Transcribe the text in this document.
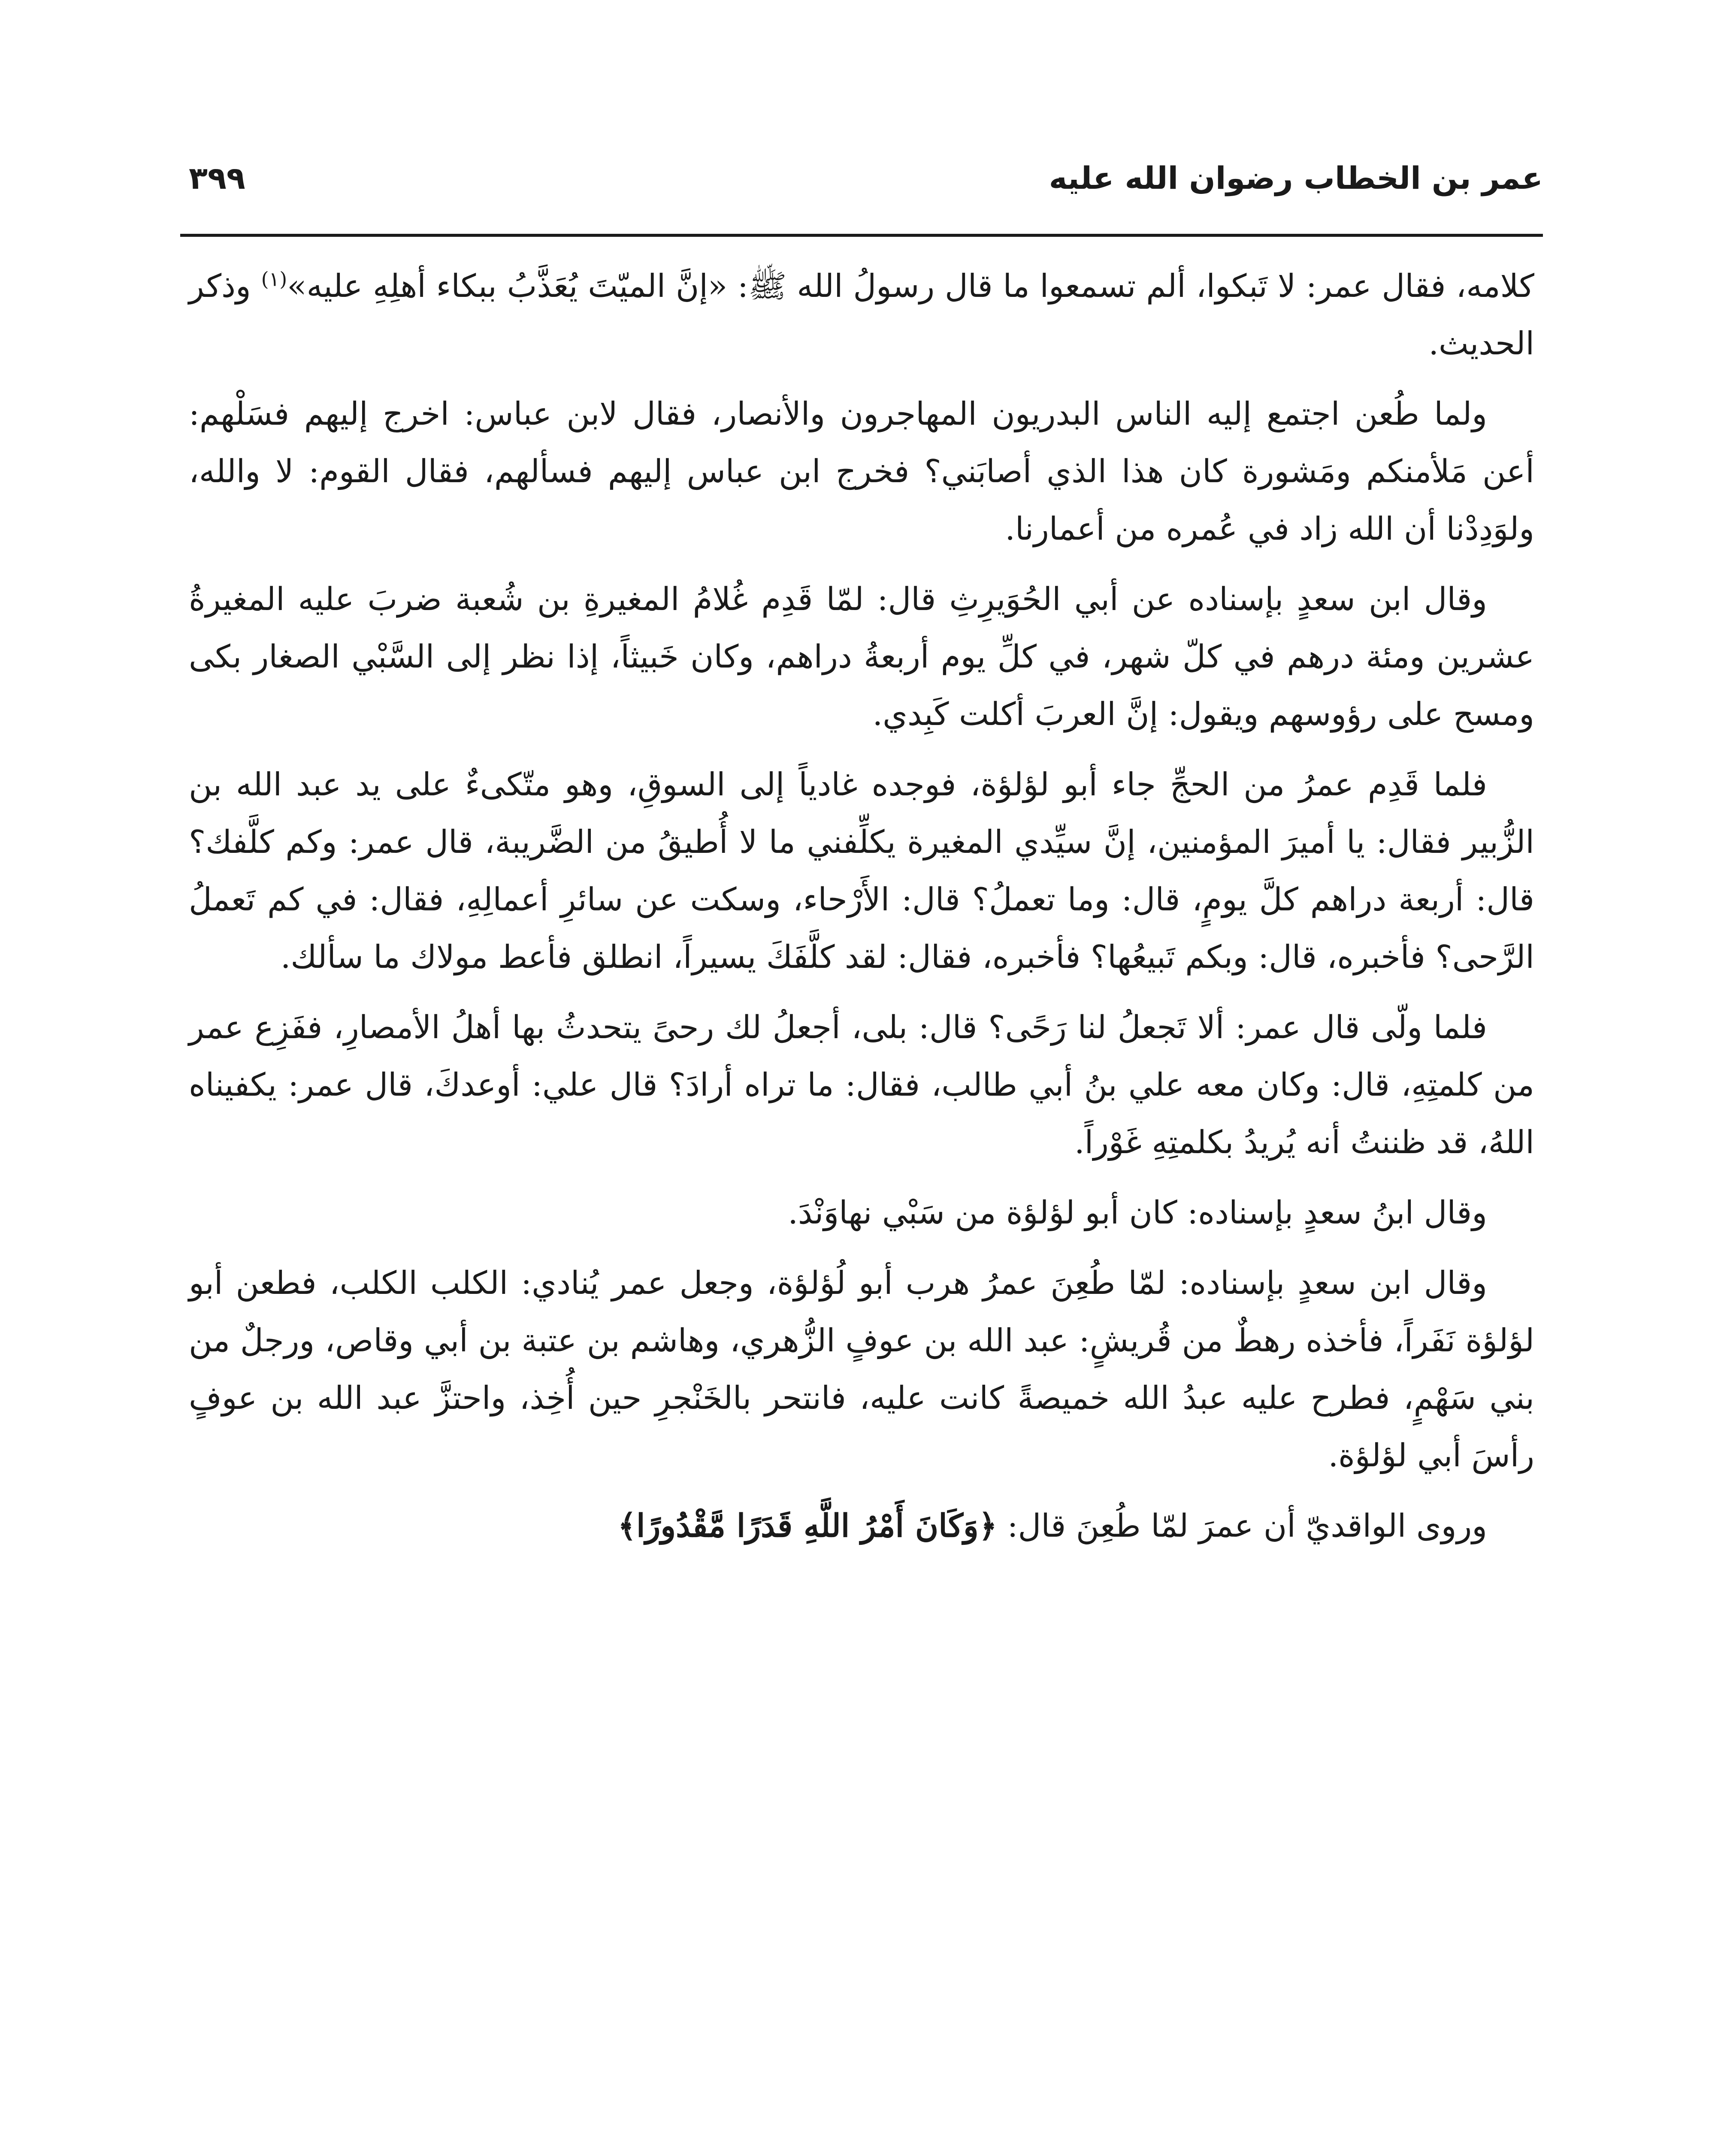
عمر بن الخطاب رضوان الله عليه
٣٩٩

كلامه، فقال عمر: لا تَبكوا، ألم تسمعوا ما قال رسولُ الله ﷺ: «إنَّ الميّتَ يُعَذَّبُ ببكاء أهلِهِ عليه»$^{(١)}$ وذكر الحديث.

ولما طُعن اجتمع إليه الناس البدريون المهاجرون والأنصار، فقال لابن عباس: اخرج إليهم فسَلْهم: أعن مَلأمنكم ومَشورة كان هذا الذي أصابَني؟ فخرج ابن عباس إليهم فسألهم، فقال القوم: لا والله، ولوَدِدْنا أن الله زاد في عُمره من أعمارنا.

وقال ابن سعدٍ بإسناده عن أبي الحُوَيرِثِ قال: لمّا قَدِم غُلامُ المغيرةِ بن شُعبة ضربَ عليه المغيرةُ عشرين ومئة درهم في كلّ شهر، في كلِّ يوم أربعةُ دراهم، وكان خَبيثاً، إذا نظر إلى السَّبْي الصغار بكى ومسح على رؤوسهم ويقول: إنَّ العربَ أكلت كَبِدي.

فلما قَدِم عمرُ من الحجِّ جاء أبو لؤلؤة، فوجده غادياً إلى السوقِ، وهو متّكىءٌ على يد عبد الله بن الزُّبير فقال: يا أميرَ المؤمنين، إنَّ سيِّدي المغيرة يكلِّفني ما لا أُطيقُ من الضَّريبة، قال عمر: وكم كلَّفك؟ قال: أربعة دراهم كلَّ يومٍ، قال: وما تعملُ؟ قال: الأَرْحاء، وسكت عن سائرِ أعمالِهِ، فقال: في كم تَعملُ الرَّحى؟ فأخبره، قال: وبكم تَبيعُها؟ فأخبره، فقال: لقد كلَّفَكَ يسيراً، انطلق فأعط مولاك ما سألك.

فلما ولّى قال عمر: ألا تَجعلُ لنا رَحًى؟ قال: بلى، أجعلُ لك رحىً يتحدثُ بها أهلُ الأمصارِ، ففَزِع عمر من كلمتِهِ، قال: وكان معه علي بنُ أبي طالب، فقال: ما تراه أرادَ؟ قال علي: أوعدكَ، قال عمر: يكفيناه اللهُ، قد ظننتُ أنه يُريدُ بكلمتِهِ غَوْراً.

وقال ابنُ سعدٍ بإسناده: كان أبو لؤلؤة من سَبْي نهاوَنْدَ.

وقال ابن سعدٍ بإسناده: لمّا طُعِنَ عمرُ هرب أبو لُؤلؤة، وجعل عمر يُنادي: الكلب الكلب، فطعن أبو لؤلؤة نَفَراً، فأخذه رهطٌ من قُريشٍ: عبد الله بن عوفٍ الزُّهري، وهاشم بن عتبة بن أبي وقاص، ورجلٌ من بني سَهْمٍ، فطرح عليه عبدُ الله خميصةً كانت عليه، فانتحر بالخَنْجرِ حين أُخِذ، واحتزَّ عبد الله بن عوفٍ رأسَ أبي لؤلؤة.

وروى الواقديّ أن عمرَ لمّا طُعِنَ قال: ﴿وَكَانَ أَمْرُ اللَّهِ قَدَرًا مَّقْدُورًا﴾
